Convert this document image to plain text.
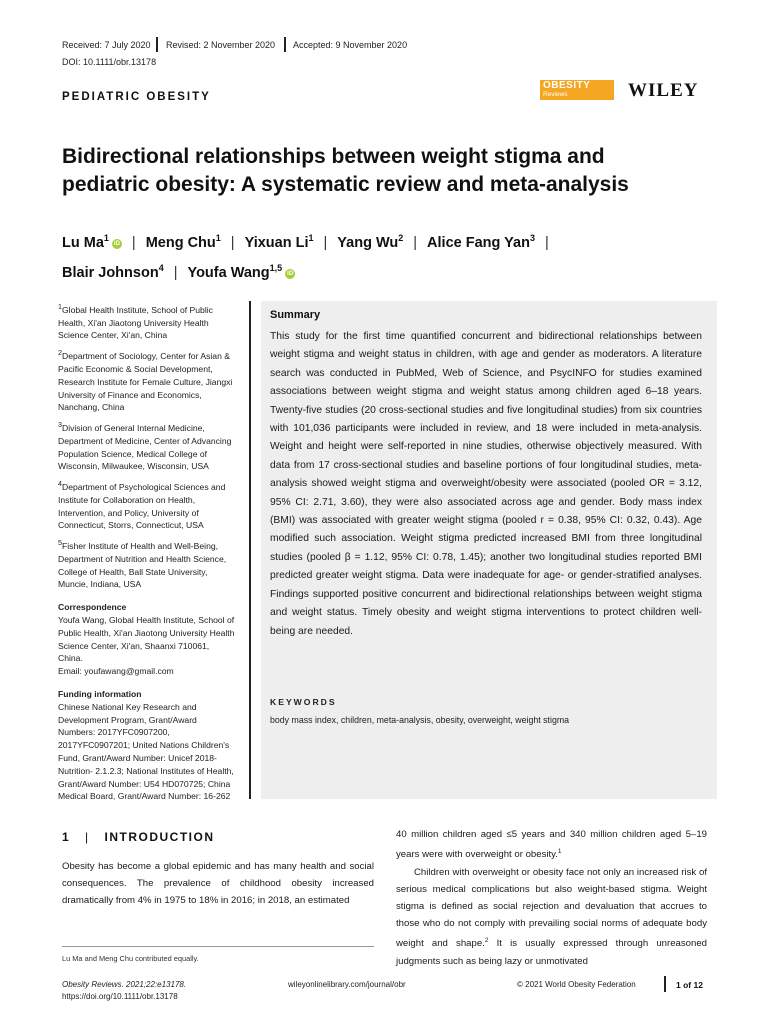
Received: 7 July 2020 Revised: 2 November 2020 Accepted: 9 November 2020
DOI: 10.1111/obr.13178
PEDIATRIC OBESITY
OBESITY
Reviews	WILEY
Bidirectional relationships between weight stigma and
pediatric obesity: A systematic review and meta-analysis
Lu Ma$^1$iD | Meng Chu$^1$ | Yixuan Li$^1$ | Yang Wu$^2$ | Alice Fang Yan$^3$ |
Blair Johnson$^4$ | Youfa Wang$^{1,5}$iD

$^1$Global Health Institute, School of Public Health, Xi'an Jiaotong University Health Science Center, Xi'an, China

$^2$Department of Sociology, Center for Asian & Pacific Economic & Social Development, Research Institute for Female Culture, Jiangxi University of Finance and Economics, Nanchang, China

$^3$Division of General Internal Medicine, Department of Medicine, Center of Advancing Population Science, Medical College of Wisconsin, Milwaukee, Wisconsin, USA

$^4$Department of Psychological Sciences and Institute for Collaboration on Health, Intervention, and Policy, University of Connecticut, Storrs, Connecticut, USA

$^5$Fisher Institute of Health and Well-Being, Department of Nutrition and Health Science, College of Health, Ball State University, Muncie, Indiana, USA

Correspondence

Youfa Wang, Global Health Institute, School of Public Health, Xi'an Jiaotong University Health Science Center, Xi'an, Shaanxi 710061, China.

Email: youfawang@gmail.com

Funding information

Chinese National Key Research and Development Program, Grant/Award Numbers: 2017YFC0907200, 2017YFC0907201; United Nations Children's Fund, Grant/Award Number: Unicef 2018-Nutrition- 2.1.2.3; National Institutes of Health, Grant/Award Number: U54 HD070725; China Medical Board, Grant/Award Number: 16-262

Summary
This study for the first time quantified concurrent and bidirectional relationships between weight stigma and weight status in children, with age and gender as moderators. A literature search was conducted in PubMed, Web of Science, and PsycINFO for studies examined associations between weight stigma and weight status among children aged 6–18 years. Twenty-five studies (20 cross-sectional studies and five longitudinal studies) from six countries with 101,036 participants were included in review, and 18 were included in meta-analysis. Weight and height were self-reported in nine studies, otherwise objectively measured. With data from 17 cross-sectional studies and baseline portions of four longitudinal studies, meta-analysis showed weight stigma and overweight/obesity were associated (pooled OR = 3.12, 95% CI: 2.71, 3.60), they were also associated across age and gender. Body mass index (BMI) was associated with greater weight stigma (pooled r = 0.38, 95% CI: 0.32, 0.43). Age modified such association. Weight stigma predicted increased BMI from three longitudinal studies (pooled β = 1.12, 95% CI: 0.78, 1.45); another two longitudinal studies reported BMI predicted greater weight stigma. Data were inadequate for age- or gender-stratified analyses. Findings supported positive concurrent and bidirectional relationships between weight stigma and weight status. Timely obesity and weight stigma interventions to protect children well-being are needed.
KEYWORDS
body mass index, children, meta-analysis, obesity, overweight, weight stigma
1 | INTRODUCTION
Obesity has become a global epidemic and has many health and social consequences. The prevalence of childhood obesity increased dramatically from 4% in 1975 to 18% in 2016; in 2018, an estimated
Lu Ma and Meng Chu contributed equally.
40 million children aged ≤5 years and 340 million children aged 5–19 years were with overweight or obesity.$^1$
Children with overweight or obesity face not only an increased risk of serious medical complications but also weight-based stigma. Weight stigma is defined as social rejection and devaluation that accrues to those who do not comply with prevailing social norms of adequate body weight and shape.$^2$ It is usually expressed through unreasoned judgments such as being lazy or unmotivated
Obesity Reviews. 2021;22:e13178.
https://doi.org/10.1111/obr.13178
wileyonlinelibrary.com/journal/obr	© 2021 World Obesity Federation	1 of 12
